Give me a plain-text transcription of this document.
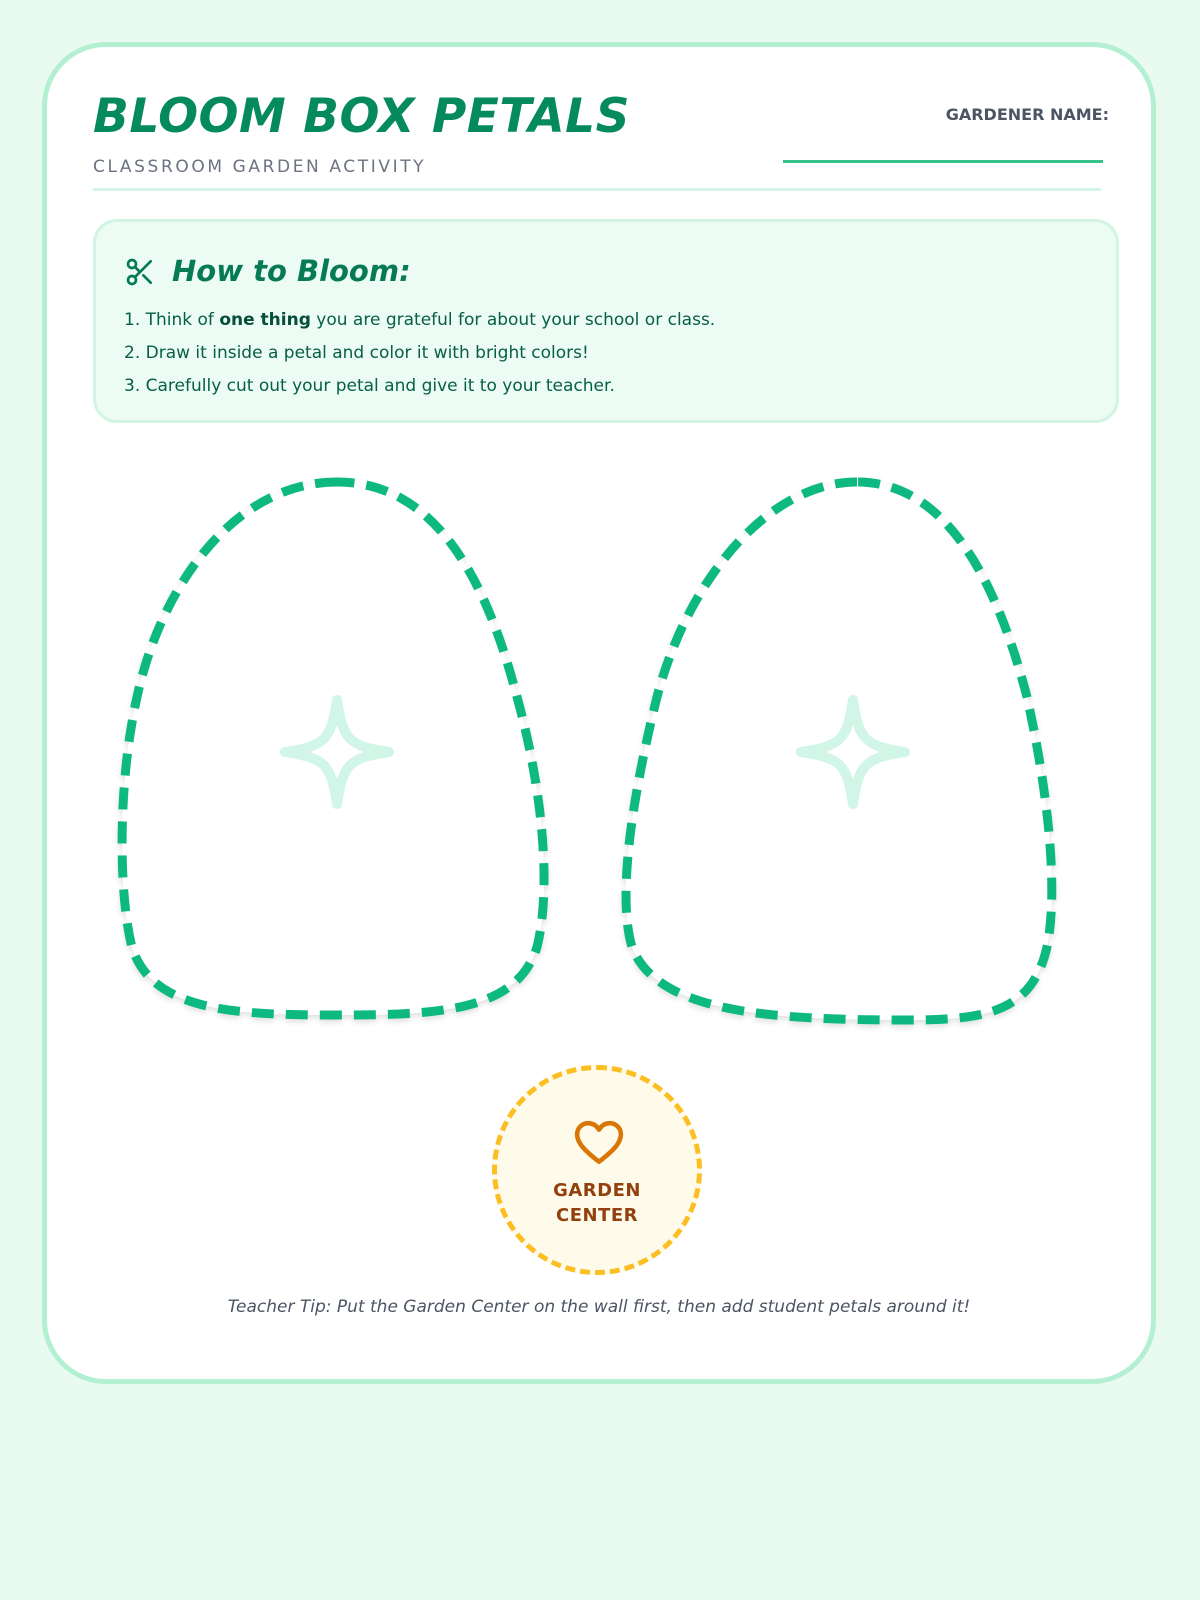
BLOOM BOX PETALS
CLASSROOM GARDEN ACTIVITY
GARDENER NAME:
How to Bloom:
1. Think of one thing you are grateful for about your school or class.
2. Draw it inside a petal and color it with bright colors!
3. Carefully cut out your petal and give it to your teacher.
GARDEN
CENTER
Teacher Tip: Put the Garden Center on the wall first, then add student petals around it!
